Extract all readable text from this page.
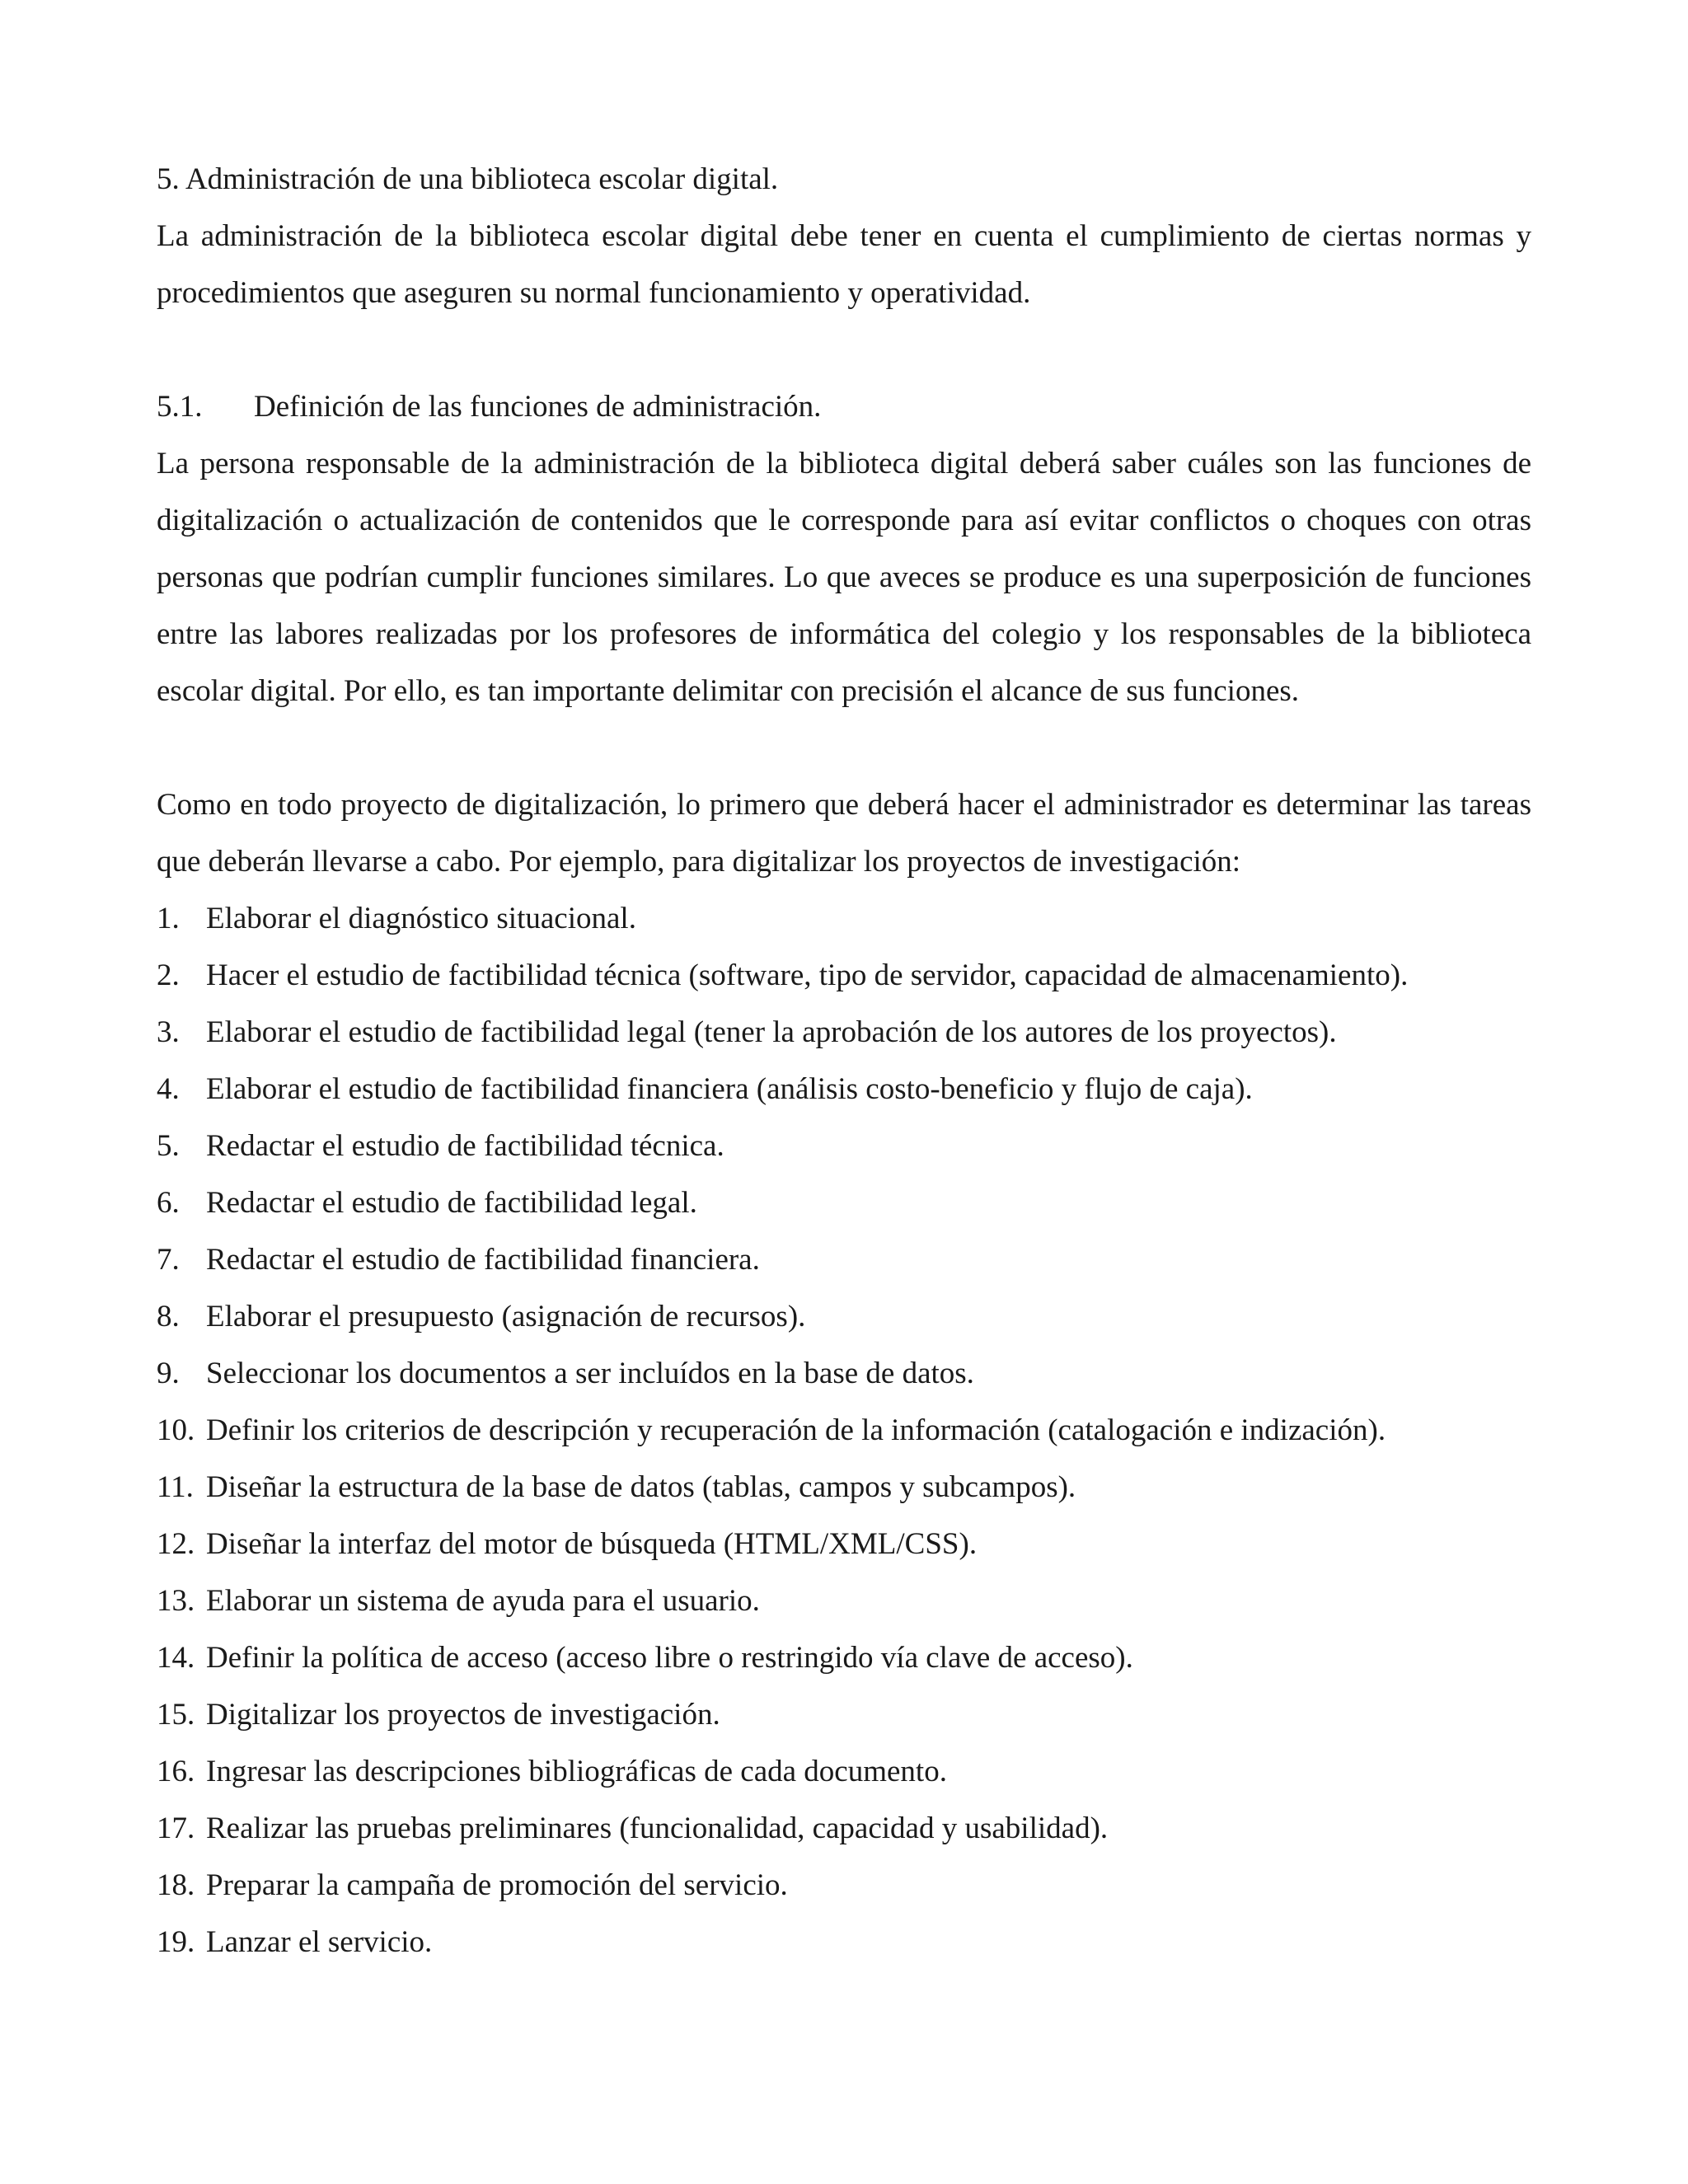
5. Administración de una biblioteca escolar digital.

La administración de la biblioteca escolar digital debe tener en cuenta el cumplimiento de ciertas normas y procedimientos que aseguren su normal funcionamiento y operatividad.

5.1.	Definición de las funciones de administración.

La persona responsable de la administración de la biblioteca digital deberá saber cuáles son las funciones de digitalización o actualización de contenidos que le corresponde para así evitar conflictos o choques con otras personas que podrían cumplir funciones similares. Lo que aveces se produce es una superposición de funciones entre las labores realizadas por los profesores de informática del colegio y los responsables de la biblioteca escolar digital. Por ello, es tan importante delimitar con precisión el alcance de sus funciones.

Como en todo proyecto de digitalización, lo primero que deberá hacer el administrador es determinar las tareas que deberán llevarse a cabo. Por ejemplo, para digitalizar los proyectos de investigación:

1. Elaborar el diagnóstico situacional.
2. Hacer el estudio de factibilidad técnica (software, tipo de servidor, capacidad de almacenamiento).
3. Elaborar el estudio de factibilidad legal (tener la aprobación de los autores de los proyectos).
4. Elaborar el estudio de factibilidad financiera (análisis costo-beneficio y flujo de caja).
5. Redactar el estudio de factibilidad técnica.
6. Redactar el estudio de factibilidad legal.
7. Redactar el estudio de factibilidad financiera.
8. Elaborar el presupuesto (asignación de recursos).
9. Seleccionar los documentos a ser incluídos en la base de datos.
10. Definir los criterios de descripción y recuperación de la información (catalogación e indización).
11. Diseñar la estructura de la base de datos (tablas, campos y subcampos).
12. Diseñar la interfaz del motor de búsqueda (HTML/XML/CSS).
13. Elaborar un sistema de ayuda para el usuario.
14. Definir la política de acceso (acceso libre o restringido vía clave de acceso).
15. Digitalizar los proyectos de investigación.
16. Ingresar las descripciones bibliográficas de cada documento.
17. Realizar las pruebas preliminares (funcionalidad, capacidad y usabilidad).
18. Preparar la campaña de promoción del servicio.
19. Lanzar el servicio.
